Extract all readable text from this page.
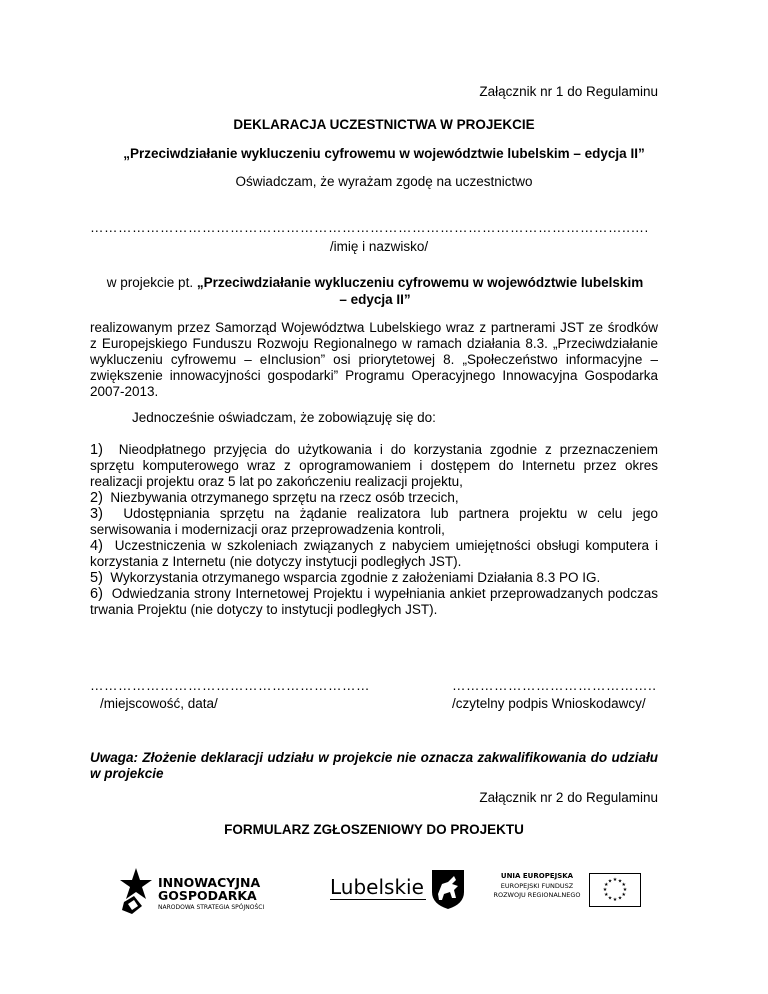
Załącznik nr 1 do Regulaminu
DEKLARACJA UCZESTNICTWA W PROJEKCIE
„Przeciwdziałanie wykluczeniu cyfrowemu w województwie lubelskim – edycja II”
Oświadczam, że wyrażam zgodę na uczestnictwo
……………………………………………………………………………………………………..….
/imię i nazwisko/
w projekcie pt. „Przeciwdziałanie wykluczeniu cyfrowemu w województwie lubelskim
– edycja II”
realizowanym przez Samorząd Województwa Lubelskiego wraz z partnerami JST ze środków z Europejskiego Funduszu Rozwoju Regionalnego w ramach działania 8.3. „Przeciwdziałanie wykluczeniu cyfrowemu – eInclusion” osi priorytetowej 8. „Społeczeństwo informacyjne – zwiększenie innowacyjności gospodarki” Programu Operacyjnego Innowacyjna Gospodarka 2007-2013.
Jednocześnie oświadczam, że zobowiązuję się do:
1) Nieodpłatnego przyjęcia do użytkowania i do korzystania zgodnie z przeznaczeniem sprzętu komputerowego wraz z oprogramowaniem i dostępem do Internetu przez okres realizacji projektu oraz 5 lat po zakończeniu realizacji projektu,
2) Niezbywania otrzymanego sprzętu na rzecz osób trzecich,
3) Udostępniania sprzętu na żądanie realizatora lub partnera projektu w celu jego serwisowania i modernizacji oraz przeprowadzenia kontroli,
4) Uczestniczenia w szkoleniach związanych z nabyciem umiejętności obsługi komputera i korzystania z Internetu (nie dotyczy instytucji podległych JST).
5) Wykorzystania otrzymanego wsparcia zgodnie z założeniami Działania 8.3 PO IG.
6) Odwiedzania strony Internetowej Projektu i wypełniania ankiet przeprowadzanych podczas trwania Projektu (nie dotyczy to instytucji podległych JST).
……………………………………………………
/miejscowość, data/
……………………………………..
/czytelny podpis Wnioskodawcy/
Uwaga: Złożenie deklaracji udziału w projekcie nie oznacza zakwalifikowania do udziału w projekcie
Załącznik nr 2 do Regulaminu
FORMULARZ ZGŁOSZENIOWY DO PROJEKTU
INNOWACYJNA
GOSPODARKA
NARODOWA STRATEGIA SPÓJNOŚCI
Lubelskie	UNIA EUROPEJSKA
EUROPEJSKI FUNDUSZ
ROZWOJU REGIONALNEGO
★ ★
★
★
★
★
★
★
★
★
★
★
